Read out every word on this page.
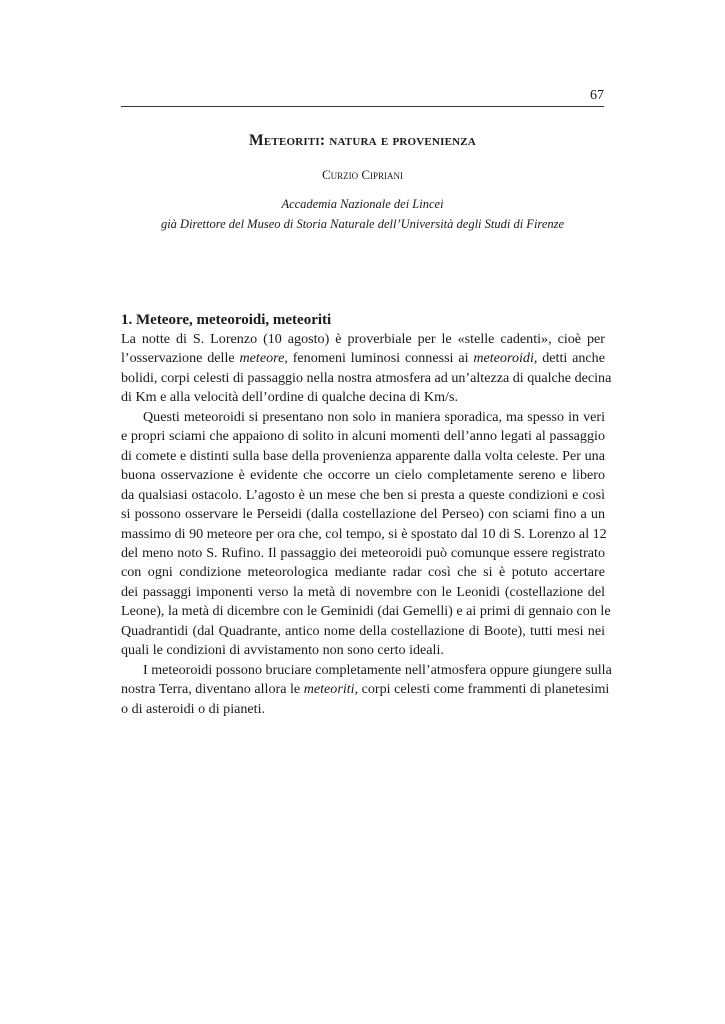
67
Meteoriti: natura e provenienza
Curzio Cipriani
Accademia Nazionale dei Lincei
già Direttore del Museo di Storia Naturale dell’Università degli Studi di Firenze
1. Meteore, meteoroidi, meteoriti

La notte di S. Lorenzo (10 agosto) è proverbiale per le «stelle cadenti», cioè per
l’osservazione delle meteore, fenomeni luminosi connessi ai meteoroidi, detti anche
bolidi, corpi celesti di passaggio nella nostra atmosfera ad un’altezza di qualche decina
di Km e alla velocità dell’ordine di qualche decina di Km/s.

Questi meteoroidi si presentano non solo in maniera sporadica, ma spesso in veri
e propri sciami che appaiono di solito in alcuni momenti dell’anno legati al passaggio
di comete e distinti sulla base della provenienza apparente dalla volta celeste. Per una
buona osservazione è evidente che occorre un cielo completamente sereno e libero
da qualsiasi ostacolo. L’agosto è un mese che ben si presta a queste condizioni e così
si possono osservare le Perseidi (dalla costellazione del Perseo) con sciami fino a un
massimo di 90 meteore per ora che, col tempo, si è spostato dal 10 di S. Lorenzo al 12
del meno noto S. Rufino. Il passaggio dei meteoroidi può comunque essere registrato
con ogni condizione meteorologica mediante radar così che si è potuto accertare
dei passaggi imponenti verso la metà di novembre con le Leonidi (costellazione del
Leone), la metà di dicembre con le Geminidi (dai Gemelli) e ai primi di gennaio con le
Quadrantidi (dal Quadrante, antico nome della costellazione di Boote), tutti mesi nei
quali le condizioni di avvistamento non sono certo ideali.

I meteoroidi possono bruciare completamente nell’atmosfera oppure giungere sulla
nostra Terra, diventano allora le meteoriti, corpi celesti come frammenti di planetesimi
o di asteroidi o di pianeti.
